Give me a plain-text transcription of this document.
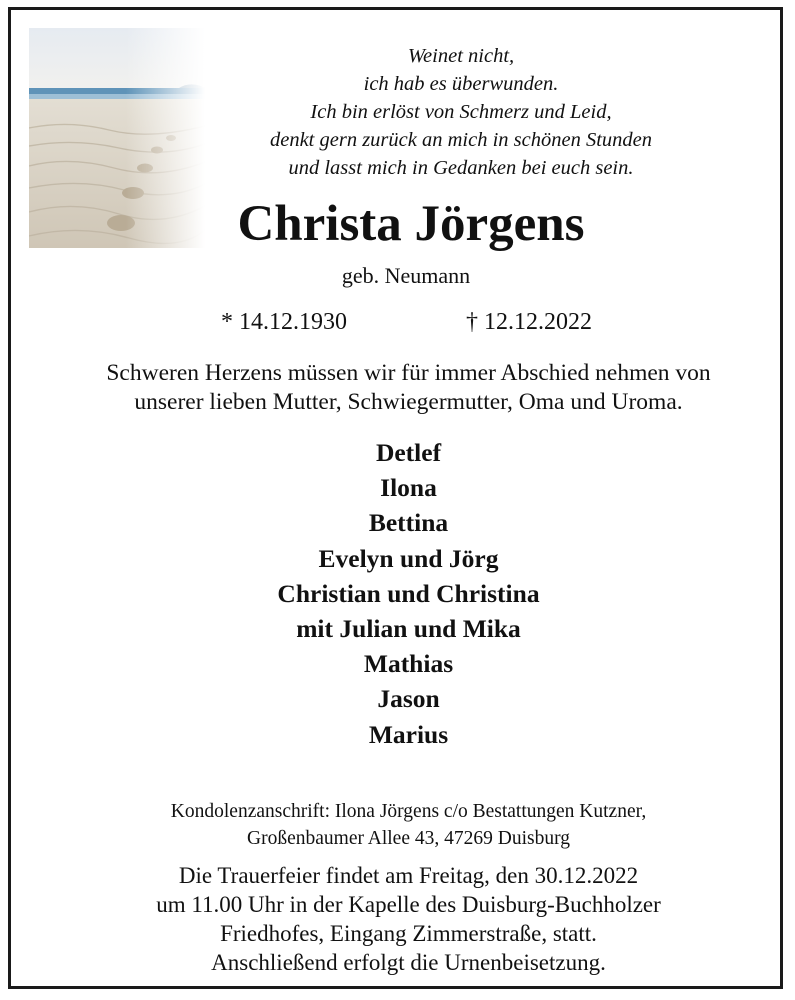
Weinet nicht,
ich hab es überwunden.
Ich bin erlöst von Schmerz und Leid,
denkt gern zurück an mich in schönen Stunden
und lasst mich in Gedanken bei euch sein.
Christa Jörgens
geb. Neumann
* 14.12.1930	† 12.12.2022
Schweren Herzens müssen wir für immer Abschied nehmen von
unserer lieben Mutter, Schwiegermutter, Oma und Uroma.
Detlef
Ilona
Bettina
Evelyn und Jörg
Christian und Christina
mit Julian und Mika
Mathias
Jason
Marius
Kondolenzanschrift: Ilona Jörgens c/o Bestattungen Kutzner,
Großenbaumer Allee 43, 47269 Duisburg
Die Trauerfeier findet am Freitag, den 30.12.2022
um 11.00 Uhr in der Kapelle des Duisburg-Buchholzer
Friedhofes, Eingang Zimmerstraße, statt.
Anschließend erfolgt die Urnenbeisetzung.
